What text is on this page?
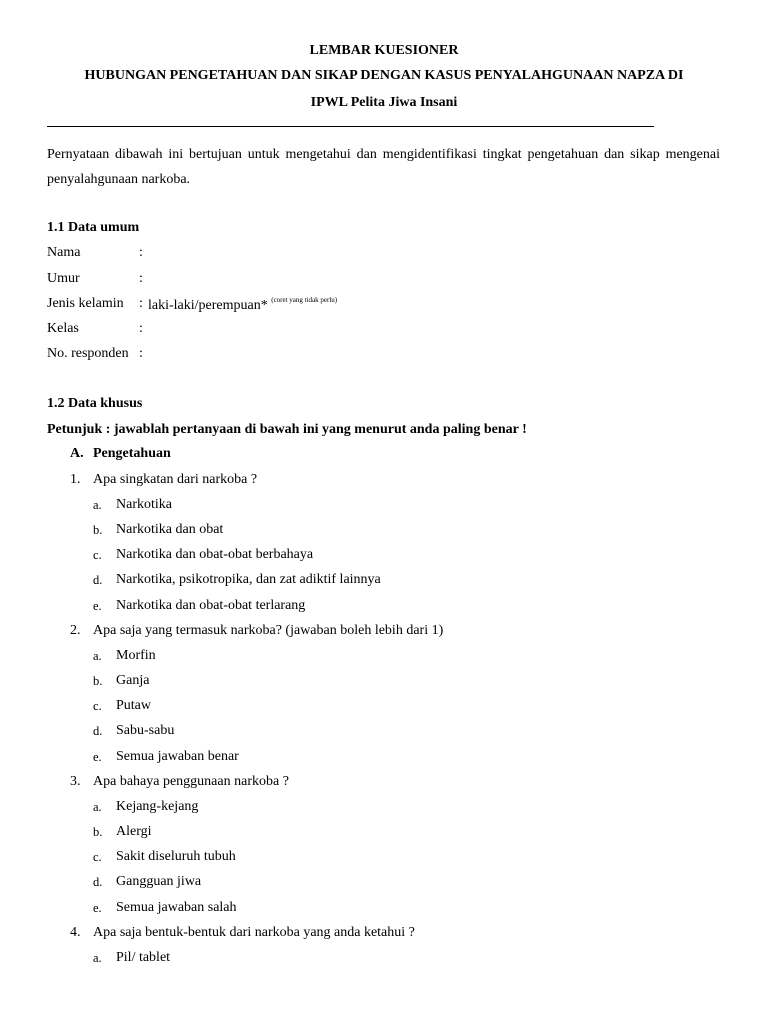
LEMBAR KUESIONER
HUBUNGAN PENGETAHUAN DAN SIKAP DENGAN KASUS PENYALAHGUNAAN NAPZA DI
IPWL Pelita Jiwa Insani
Pernyataan dibawah ini bertujuan untuk mengetahui dan mengidentifikasi tingkat pengetahuan dan sikap mengenai penyalahgunaan narkoba.
1.1 Data umum
Nama	:
Umur	:
Jenis kelamin : laki-laki/perempuan* $^{(coret yang tidak perlu)}$
Kelas	:
No. responden :
1.2 Data khusus
Petunjuk : jawablah pertanyaan di bawah ini yang menurut anda paling benar !
A. Pengetahuan
1. Apa singkatan dari narkoba ?
a. Narkotika
b. Narkotika dan obat
c. Narkotika dan obat-obat berbahaya
d. Narkotika, psikotropika, dan zat adiktif lainnya
e. Narkotika dan obat-obat terlarang
2. Apa saja yang termasuk narkoba? (jawaban boleh lebih dari 1)
a. Morfin
b. Ganja
c. Putaw
d. Sabu-sabu
e. Semua jawaban benar
3. Apa bahaya penggunaan narkoba ?
a. Kejang-kejang
b. Alergi
c. Sakit diseluruh tubuh
d. Gangguan jiwa
e. Semua jawaban salah
4. Apa saja bentuk-bentuk dari narkoba yang anda ketahui ?
a. Pil/ tablet
